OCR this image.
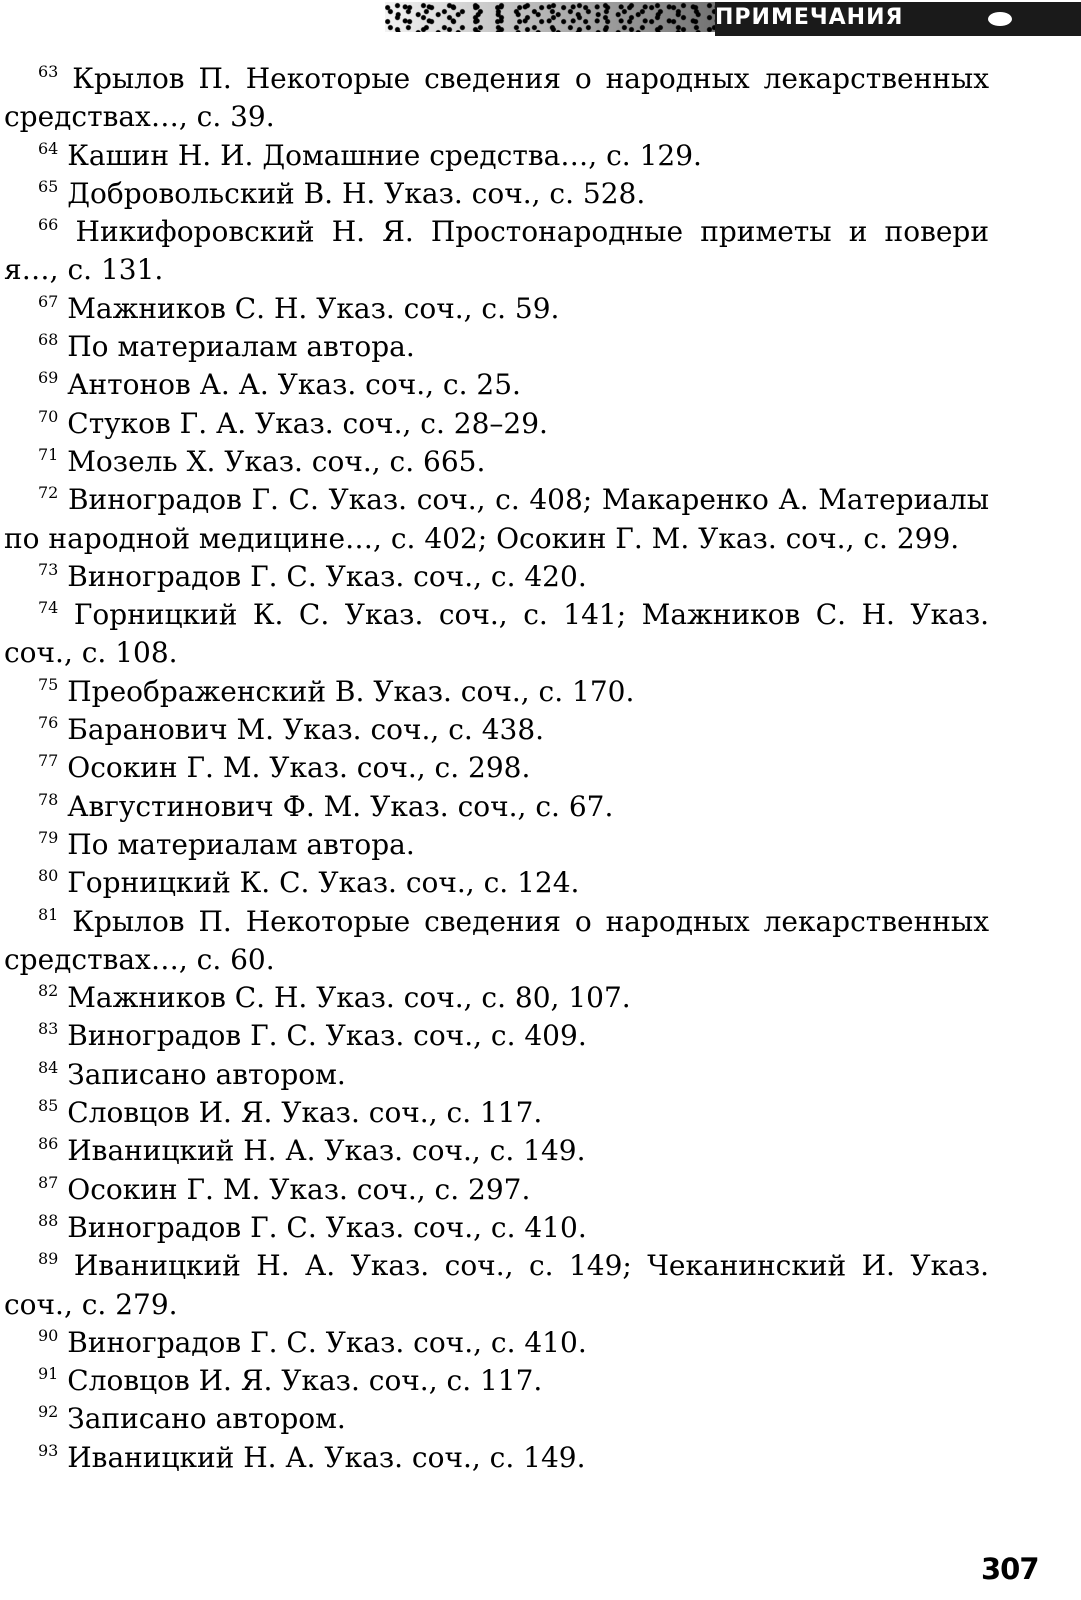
ПРИМЕЧАНИЯ

$^{63}$ Крылов П. Некоторые сведения о народных лекарственных средствах…, с. 39.

$^{64}$ Кашин Н. И. Домашние средства…, с. 129.

$^{65}$ Добровольский В. Н. Указ. соч., с. 528.

$^{66}$ Никифоровский Н. Я. Простонародные приметы и повери я…, с. 131.

$^{67}$ Мажников С. Н. Указ. соч., с. 59.

$^{68}$ По материалам автора.

$^{69}$ Антонов А. А. Указ. соч., с. 25.

$^{70}$ Стуков Г. А. Указ. соч., с. 28–29.

$^{71}$ Мозель Х. Указ. соч., с. 665.

$^{72}$ Виноградов Г. С. Указ. соч., с. 408; Макаренко А. Материалы по народной медицине…, с. 402; Осокин Г. М. Указ. соч., с. 299.

$^{73}$ Виноградов Г. С. Указ. соч., с. 420.

$^{74}$ Горницкий К. С. Указ. соч., с. 141; Мажников С. Н. Указ. соч., с. 108.

$^{75}$ Преображенский В. Указ. соч., с. 170.

$^{76}$ Баранович М. Указ. соч., с. 438.

$^{77}$ Осокин Г. М. Указ. соч., с. 298.

$^{78}$ Августинович Ф. М. Указ. соч., с. 67.

$^{79}$ По материалам автора.

$^{80}$ Горницкий К. С. Указ. соч., с. 124.

$^{81}$ Крылов П. Некоторые сведения о народных лекарственных средствах…, с. 60.

$^{82}$ Мажников С. Н. Указ. соч., с. 80, 107.

$^{83}$ Виноградов Г. С. Указ. соч., с. 409.

$^{84}$ Записано автором.

$^{85}$ Словцов И. Я. Указ. соч., с. 117.

$^{86}$ Иваницкий Н. А. Указ. соч., с. 149.

$^{87}$ Осокин Г. М. Указ. соч., с. 297.

$^{88}$ Виноградов Г. С. Указ. соч., с. 410.

$^{89}$ Иваницкий Н. А. Указ. соч., с. 149; Чеканинский И. Указ. соч., с. 279.

$^{90}$ Виноградов Г. С. Указ. соч., с. 410.

$^{91}$ Словцов И. Я. Указ. соч., с. 117.

$^{92}$ Записано автором.

$^{93}$ Иваницкий Н. А. Указ. соч., с. 149.

307
